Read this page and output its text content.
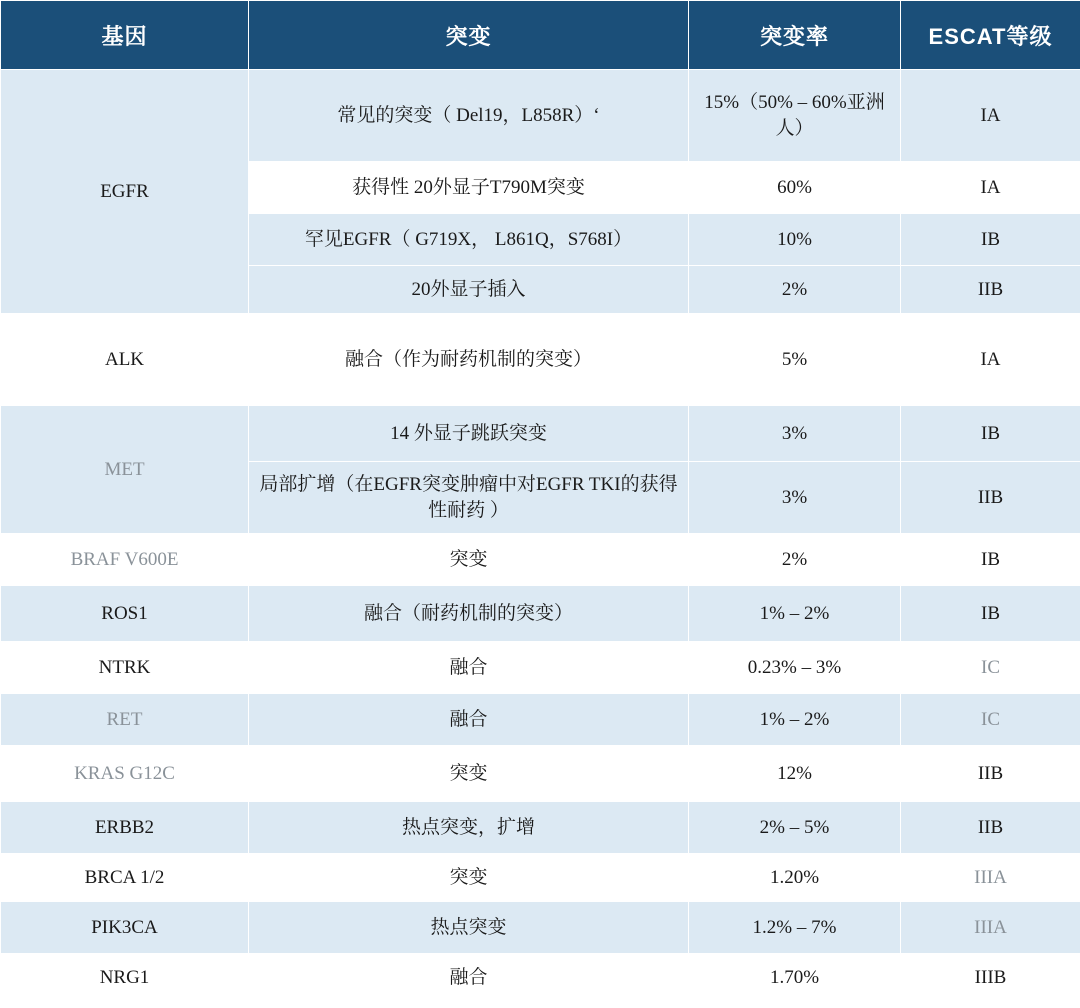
基因	突变	突变率	ESCAT等级
EGFR	常见的突变（ Del19，L858R）‘	15%（50% – 60%亚洲人）	IA
	获得性 20外显子T790M突变	60%	IA
	罕见EGFR（ G719X， L861Q，S768I）	10%	IB
	20外显子插入	2%	IIB
ALK	融合（作为耐药机制的突变）	5%	IA
MET	14 外显子跳跃突变	3%	IB
	局部扩增（在EGFR突变肿瘤中对EGFR TKI的获得性耐药 ）	3%	IIB
BRAF V600E	突变	2%	IB
ROS1	融合（耐药机制的突变）	1% – 2%	IB
NTRK	融合	0.23% – 3%	IC
RET	融合	1% – 2%	IC
KRAS G12C	突变	12%	IIB
ERBB2	热点突变，扩增	2% – 5%	IIB
BRCA 1/2	突变	1.20%	IIIA
PIK3CA	热点突变	1.2% – 7%	IIIA
NRG1	融合	1.70%	IIIB
